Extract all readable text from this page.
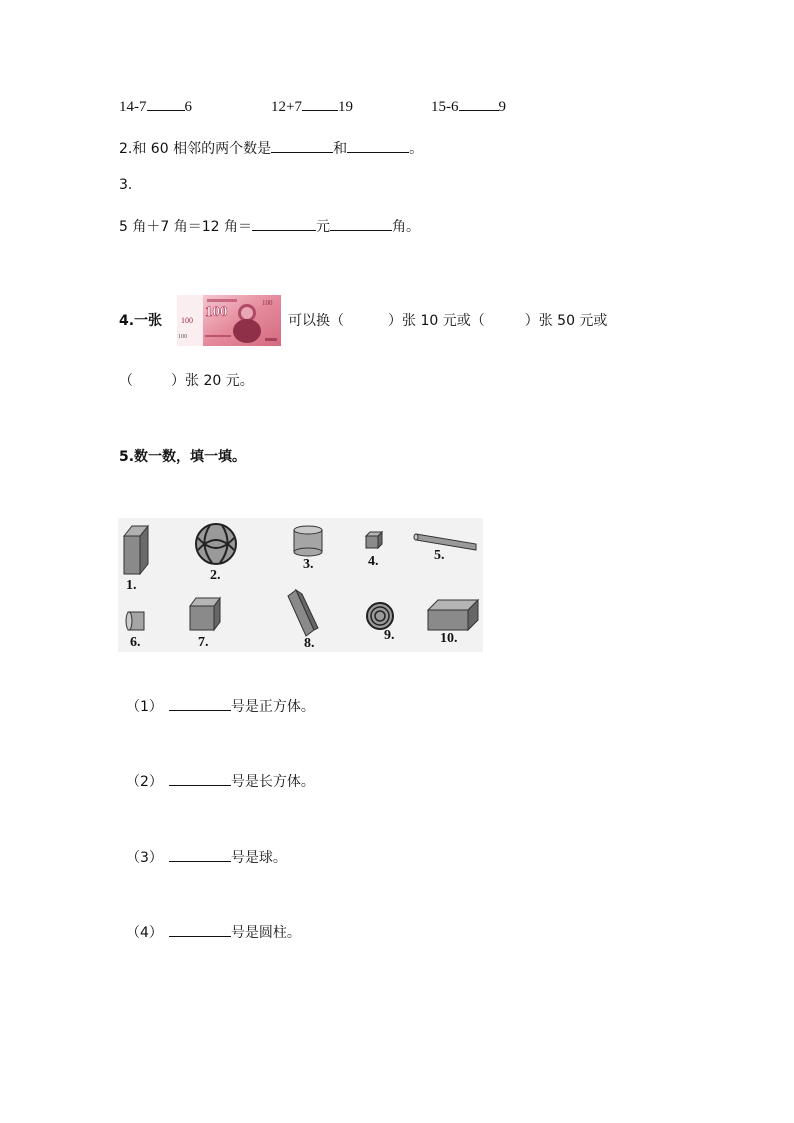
14-7	6	12+7 19	15-6	9
2.和 60 相邻的两个数是	和	。
3.
5 角＋7 角＝12 角＝	元	角。
4.一张 100
100
100
100
可以换（	）张 10 元或（	）张 50 元或
（	）张 20 元。
5.数一数，填一填。
1.
2.
3.	4.	5.
6.	7.	8.
9.	10.
（1）	号是正方体。
（2）	号是长方体。
（3）	号是球。
（4）	号是圆柱。
